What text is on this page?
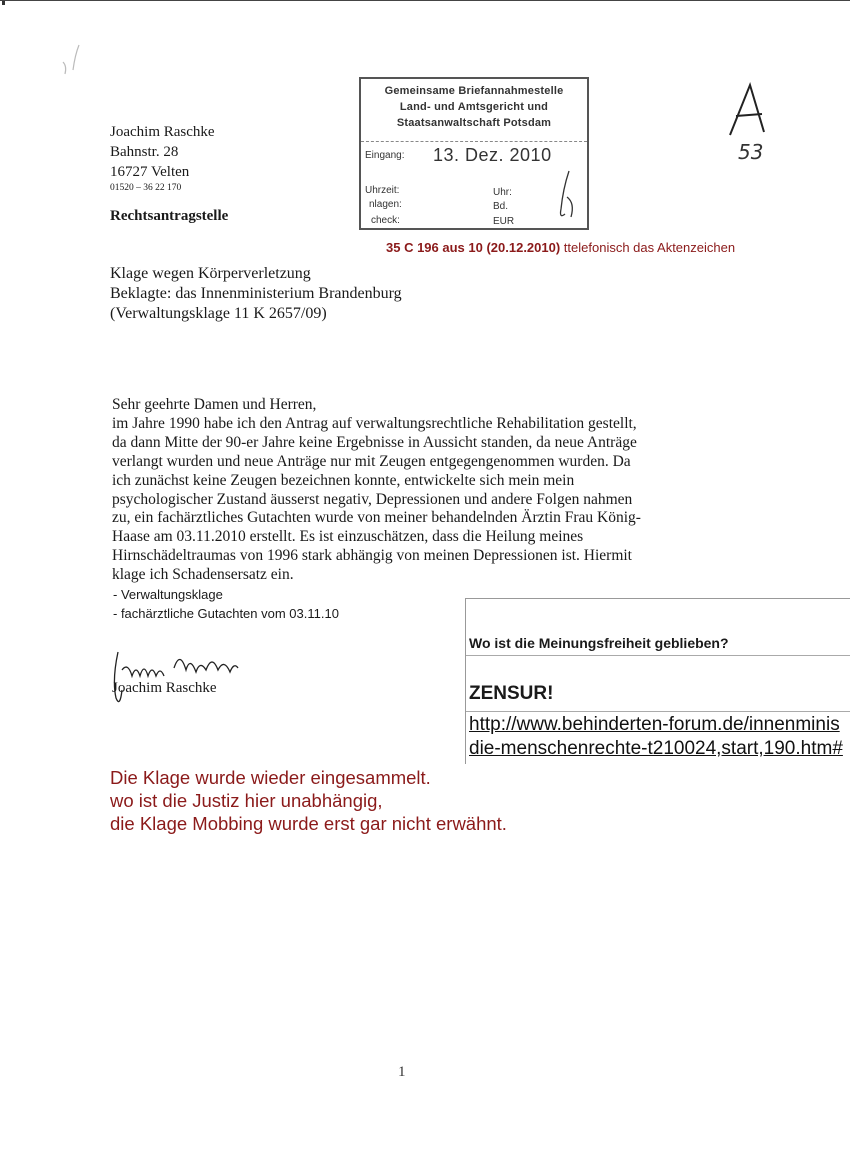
Joachim Raschke
Bahnstr. 28
16727 Velten
01520 – 36 22 170
Rechtsantragstelle
Gemeinsame Briefannahmestelle
Land- und Amtsgericht und
Staatsanwaltschaft Potsdam
Eingang: 13. Dez. 2010
Uhrzeit:	Uhr:
nlagen:	Bd.
check:	EUR
53
35 C 196 aus 10 (20.12.2010) ttelefonisch das Aktenzeichen
Klage wegen Körperverletzung
Beklagte: das Innenministerium Brandenburg
(Verwaltungsklage 11 K 2657/09)

Sehr geehrte Damen und Herren,

im Jahre 1990 habe ich den Antrag auf verwaltungsrechtliche Rehabilitation gestellt,

da dann Mitte der 90-er Jahre keine Ergebnisse in Aussicht standen, da neue Anträge

verlangt wurden und neue Anträge nur mit Zeugen entgegengenommen wurden. Da

ich zunächst keine Zeugen bezeichnen konnte, entwickelte sich mein mein

psychologischer Zustand äusserst negativ, Depressionen und andere Folgen nahmen

zu, ein fachärztliches Gutachten wurde von meiner behandelnden Ärztin Frau König-

Haase am 03.11.2010 erstellt. Es ist einzuschätzen, dass die Heilung meines

Hirnschädeltraumas von 1996 stark abhängig von meinen Depressionen ist. Hiermit

klage ich Schadensersatz ein.

- Verwaltungsklage
- fachärztliche Gutachten vom 03.11.10
Joachim Raschke
Wo ist die Meinungsfreiheit geblieben?
ZENSUR!
http://www.behinderten-forum.de/innenminis
die-menschenrechte-t210024,start,190.htm#
Die Klage wurde wieder eingesammelt.
wo ist die Justiz hier unabhängig,
die Klage Mobbing wurde erst gar nicht erwähnt.
1
